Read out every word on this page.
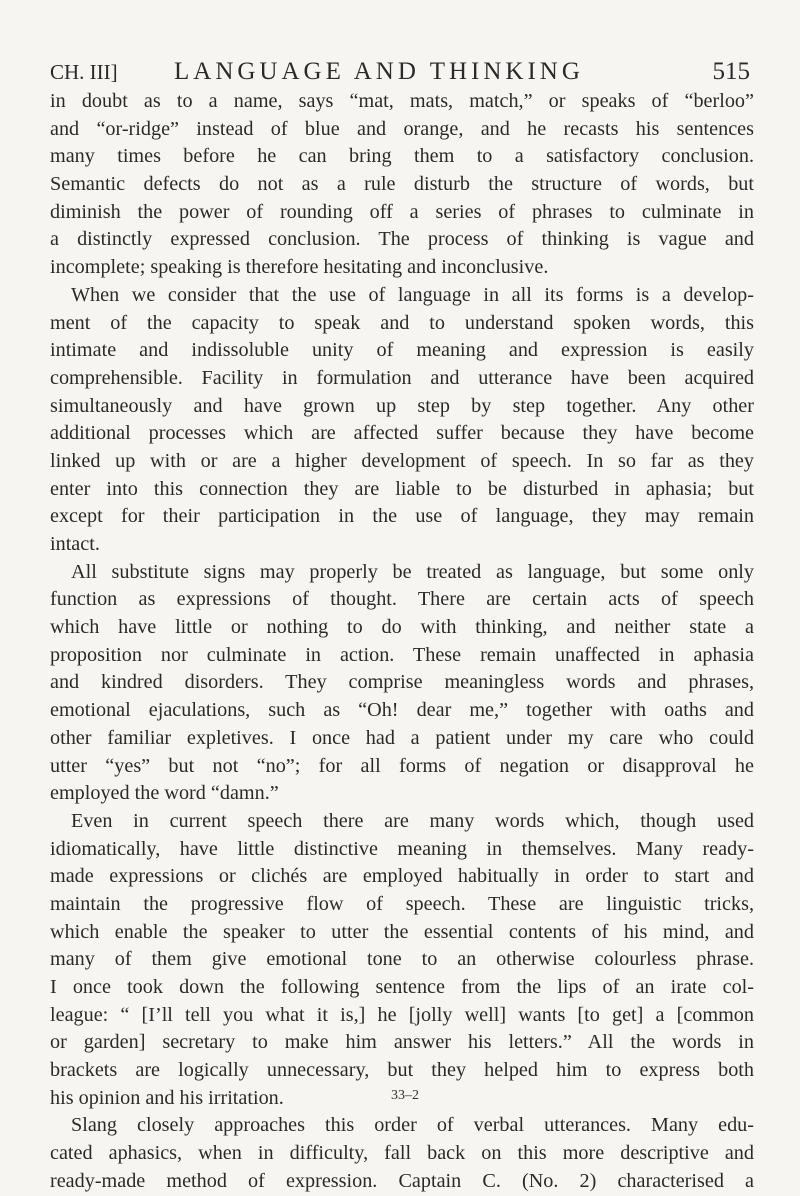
CH. III] LANGUAGE AND THINKING	515
in doubt as to a name, says “mat, mats, match,” or speaks of “berloo”
and “or-ridge” instead of blue and orange, and he recasts his sentences
many times before he can bring them to a satisfactory conclusion.
Semantic defects do not as a rule disturb the structure of words, but
diminish the power of rounding off a series of phrases to culminate in
a distinctly expressed conclusion. The process of thinking is vague and
incomplete; speaking is therefore hesitating and inconclusive.
When we consider that the use of language in all its forms is a develop-
ment of the capacity to speak and to understand spoken words, this
intimate and indissoluble unity of meaning and expression is easily
comprehensible. Facility in formulation and utterance have been acquired
simultaneously and have grown up step by step together. Any other
additional processes which are affected suffer because they have become
linked up with or are a higher development of speech. In so far as they
enter into this connection they are liable to be disturbed in aphasia; but
except for their participation in the use of language, they may remain
intact.
All substitute signs may properly be treated as language, but some only
function as expressions of thought. There are certain acts of speech
which have little or nothing to do with thinking, and neither state a
proposition nor culminate in action. These remain unaffected in aphasia
and kindred disorders. They comprise meaningless words and phrases,
emotional ejaculations, such as “Oh! dear me,” together with oaths and
other familiar expletives. I once had a patient under my care who could
utter “yes” but not “no”; for all forms of negation or disapproval he
employed the word “damn.”
Even in current speech there are many words which, though used
idiomatically, have little distinctive meaning in themselves. Many ready-
made expressions or clichés are employed habitually in order to start and
maintain the progressive flow of speech. These are linguistic tricks,
which enable the speaker to utter the essential contents of his mind, and
many of them give emotional tone to an otherwise colourless phrase.
I once took down the following sentence from the lips of an irate col-
league: “ [I’ll tell you what it is,] he [jolly well] wants [to get] a [common
or garden] secretary to make him answer his letters.” All the words in
brackets are logically unnecessary, but they helped him to express both
his opinion and his irritation.
Slang closely approaches this order of verbal utterances. Many edu-
cated aphasics, when in difficulty, fall back on this more descriptive and
ready-made method of expression. Captain C. (No. 2) characterised a
33–2
